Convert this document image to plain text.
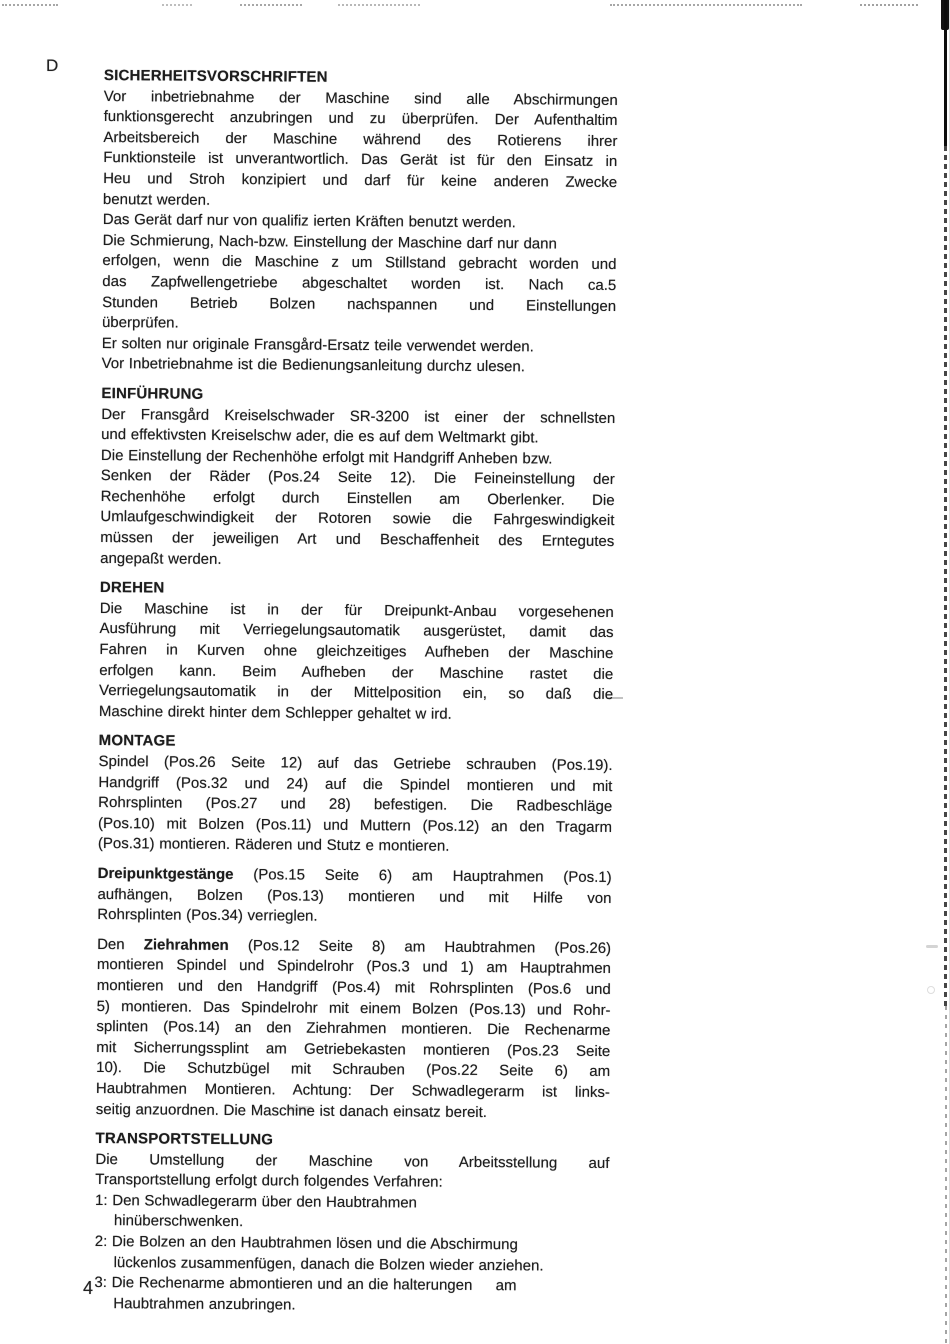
D
SICHERHEITSVORSCHRIFTEN
Vor inbetriebnahme der Maschine sind alle Abschirmungen
funktionsgerecht anzubringen und zu überprüfen. Der Aufenthaltim
Arbeitsbereich der Maschine während des Rotierens ihrer
Funktionsteile ist unverantwortlich. Das Gerät ist für den Einsatz in
Heu und Stroh konzipiert und darf für keine anderen Zwecke
benutzt werden.
Das Gerät darf nur von qualifiz ierten Kräften benutzt werden.
Die Schmierung, Nach-bzw. Einstellung der Maschine darf nur dann
erfolgen, wenn die Maschine z um Stillstand gebracht worden und
das Zapfwellengetriebe abgeschaltet worden ist. Nach ca.5
Stunden Betrieb Bolzen nachspannen und Einstellungen
überprüfen.
Er solten nur originale Fransgård-Ersatz teile verwendet werden.
Vor Inbetriebnahme ist die Bedienungsanleitung durchz ulesen.
EINFÜHRUNG
Der Fransgård Kreiselschwader SR-3200 ist einer der schnellsten
und effektivsten Kreiselschw ader, die es auf dem Weltmarkt gibt.
Die Einstellung der Rechenhöhe erfolgt mit Handgriff Anheben bzw.
Senken der Räder (Pos.24 Seite 12). Die Feineinstellung der
Rechenhöhe erfolgt durch Einstellen am Oberlenker. Die
Umlaufgeschwindigkeit der Rotoren sowie die Fahrgeswindigkeit
müssen der jeweiligen Art und Beschaffenheit des Erntegutes
angepaßt werden.
DREHEN
Die Maschine ist in der für Dreipunkt-Anbau vorgesehenen
Ausführung mit Verriegelungsautomatik ausgerüstet, damit das
Fahren in Kurven ohne gleichzeitiges Aufheben der Maschine
erfolgen kann. Beim Aufheben der Maschine rastet die
Verriegelungsautomatik in der Mittelposition ein, so daß die
Maschine direkt hinter dem Schlepper gehaltet w ird.
MONTAGE
Spindel (Pos.26 Seite 12) auf das Getriebe schrauben (Pos.19).
Handgriff (Pos.32 und 24) auf die Spindel montieren und mit
Rohrsplinten (Pos.27 und 28) befestigen. Die Radbeschläge
(Pos.10) mit Bolzen (Pos.11) und Muttern (Pos.12) an den Tragarm
(Pos.31) montieren. Räderen und Stutz e montieren.
Dreipunktgestänge (Pos.15 Seite 6) am Hauptrahmen (Pos.1)
aufhängen, Bolzen (Pos.13) montieren und mit Hilfe von
Rohrsplinten (Pos.34) verrieglen.
Den Ziehrahmen (Pos.12 Seite 8) am Haubtrahmen (Pos.26)
montieren Spindel und Spindelrohr (Pos.3 und 1) am Hauptrahmen
montieren und den Handgriff (Pos.4) mit Rohrsplinten (Pos.6 und
5) montieren. Das Spindelrohr mit einem Bolzen (Pos.13) und Rohr-
splinten (Pos.14) an den Ziehrahmen montieren. Die Rechenarme
mit Sicherrungssplint am Getriebekasten montieren (Pos.23 Seite
10). Die Schutzbügel mit Schrauben (Pos.22 Seite 6) am
Haubtrahmen Montieren. Achtung: Der Schwadlegerarm ist links-
seitig anzuordnen. Die Maschine ist danach einsatz bereit.
TRANSPORTSTELLUNG
Die Umstellung der Maschine von Arbeitsstellung auf
Transportstellung erfolgt durch folgendes Verfahren:
1: Den Schwadlegerarm über den Haubtrahmen
hinüberschwenken.
2: Die Bolzen an den Haubtrahmen lösen und die Abschirmung
lückenlos zusammenfügen, danach die Bolzen wieder anziehen.
3: Die Rechenarme abmontieren und an die halterungen     am
Haubtrahmen anzubringen.
4
